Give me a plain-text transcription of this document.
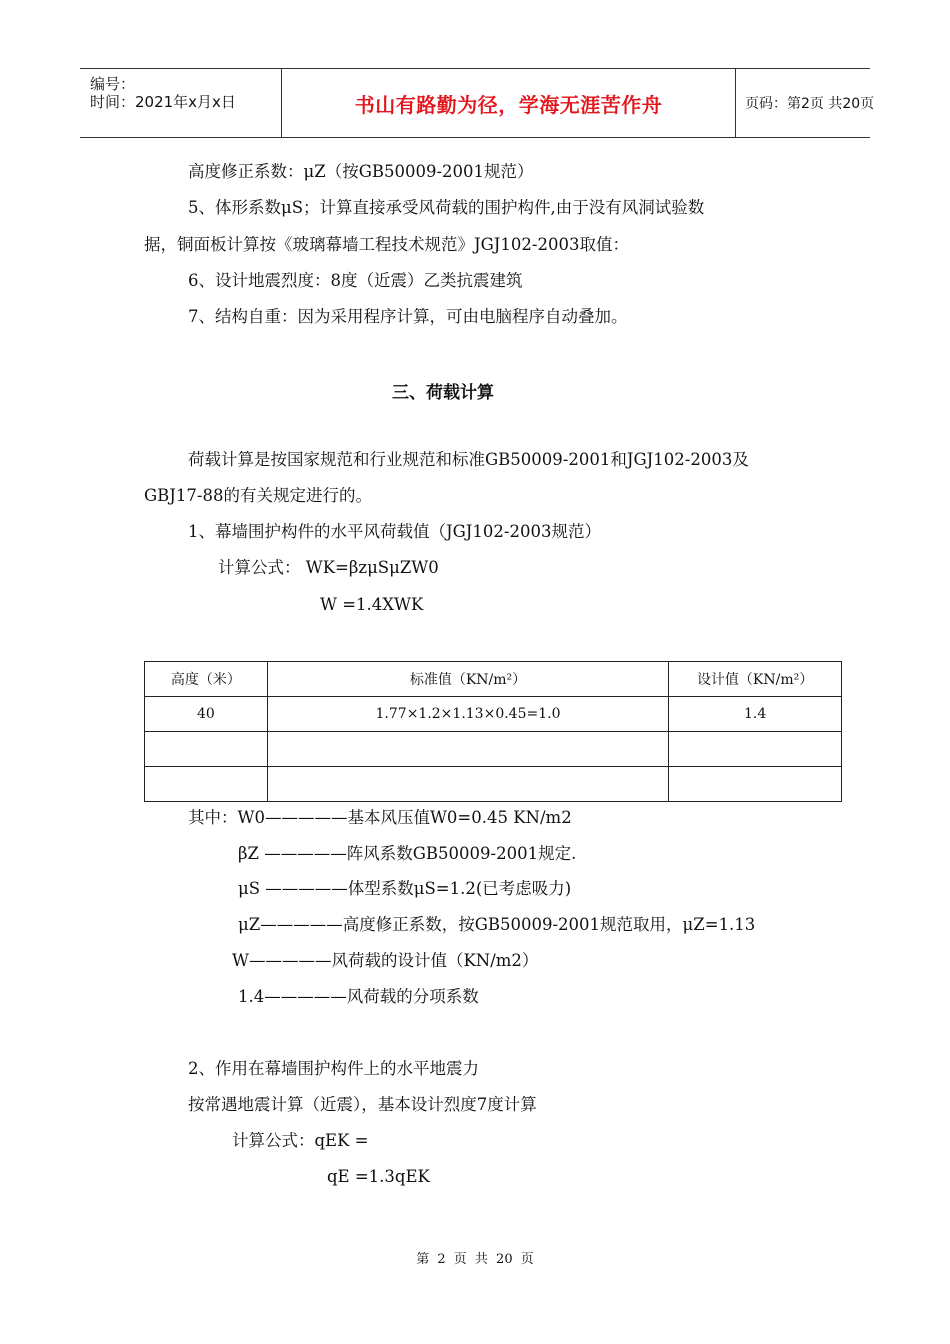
编号：
时间：2021年x月x日	书山有路勤为径，学海无涯苦作舟	页码：第2页 共20页
高度修正系数：μZ（按GB50009-2001规范）
5、体形系数μS；计算直接承受风荷载的围护构件,由于没有风洞试验数
据，铜面板计算按《玻璃幕墙工程技术规范》JGJ102-2003取值：
6、设计地震烈度：8度（近震）乙类抗震建筑
7、结构自重：因为采用程序计算，可由电脑程序自动叠加。
三、荷载计算
荷载计算是按国家规范和行业规范和标准GB50009-2001和JGJ102-2003及
GBJ17-88的有关规定进行的。
1、幕墙围护构件的水平风荷载值（JGJ102-2003规范）
计算公式： WK=βzμSμZW0
W =1.4XWK
高度（米）	标准值（KN/m²）	设计值（KN/m²）
40	1.77×1.2×1.13×0.45=1.0	1.4

其中：W0—————基本风压值W0=0.45 KN/m2
βZ —————阵风系数GB50009-2001规定.
μS —————体型系数μS=1.2(已考虑吸力)
μZ—————高度修正系数，按GB50009-2001规范取用，μZ=1.13
W—————风荷载的设计值（KN/m2）
1.4—————风荷载的分项系数
2、作用在幕墙围护构件上的水平地震力
按常遇地震计算（近震），基本设计烈度7度计算
计算公式：qEK =
qE =1.3qEK
第 2 页 共 20 页
